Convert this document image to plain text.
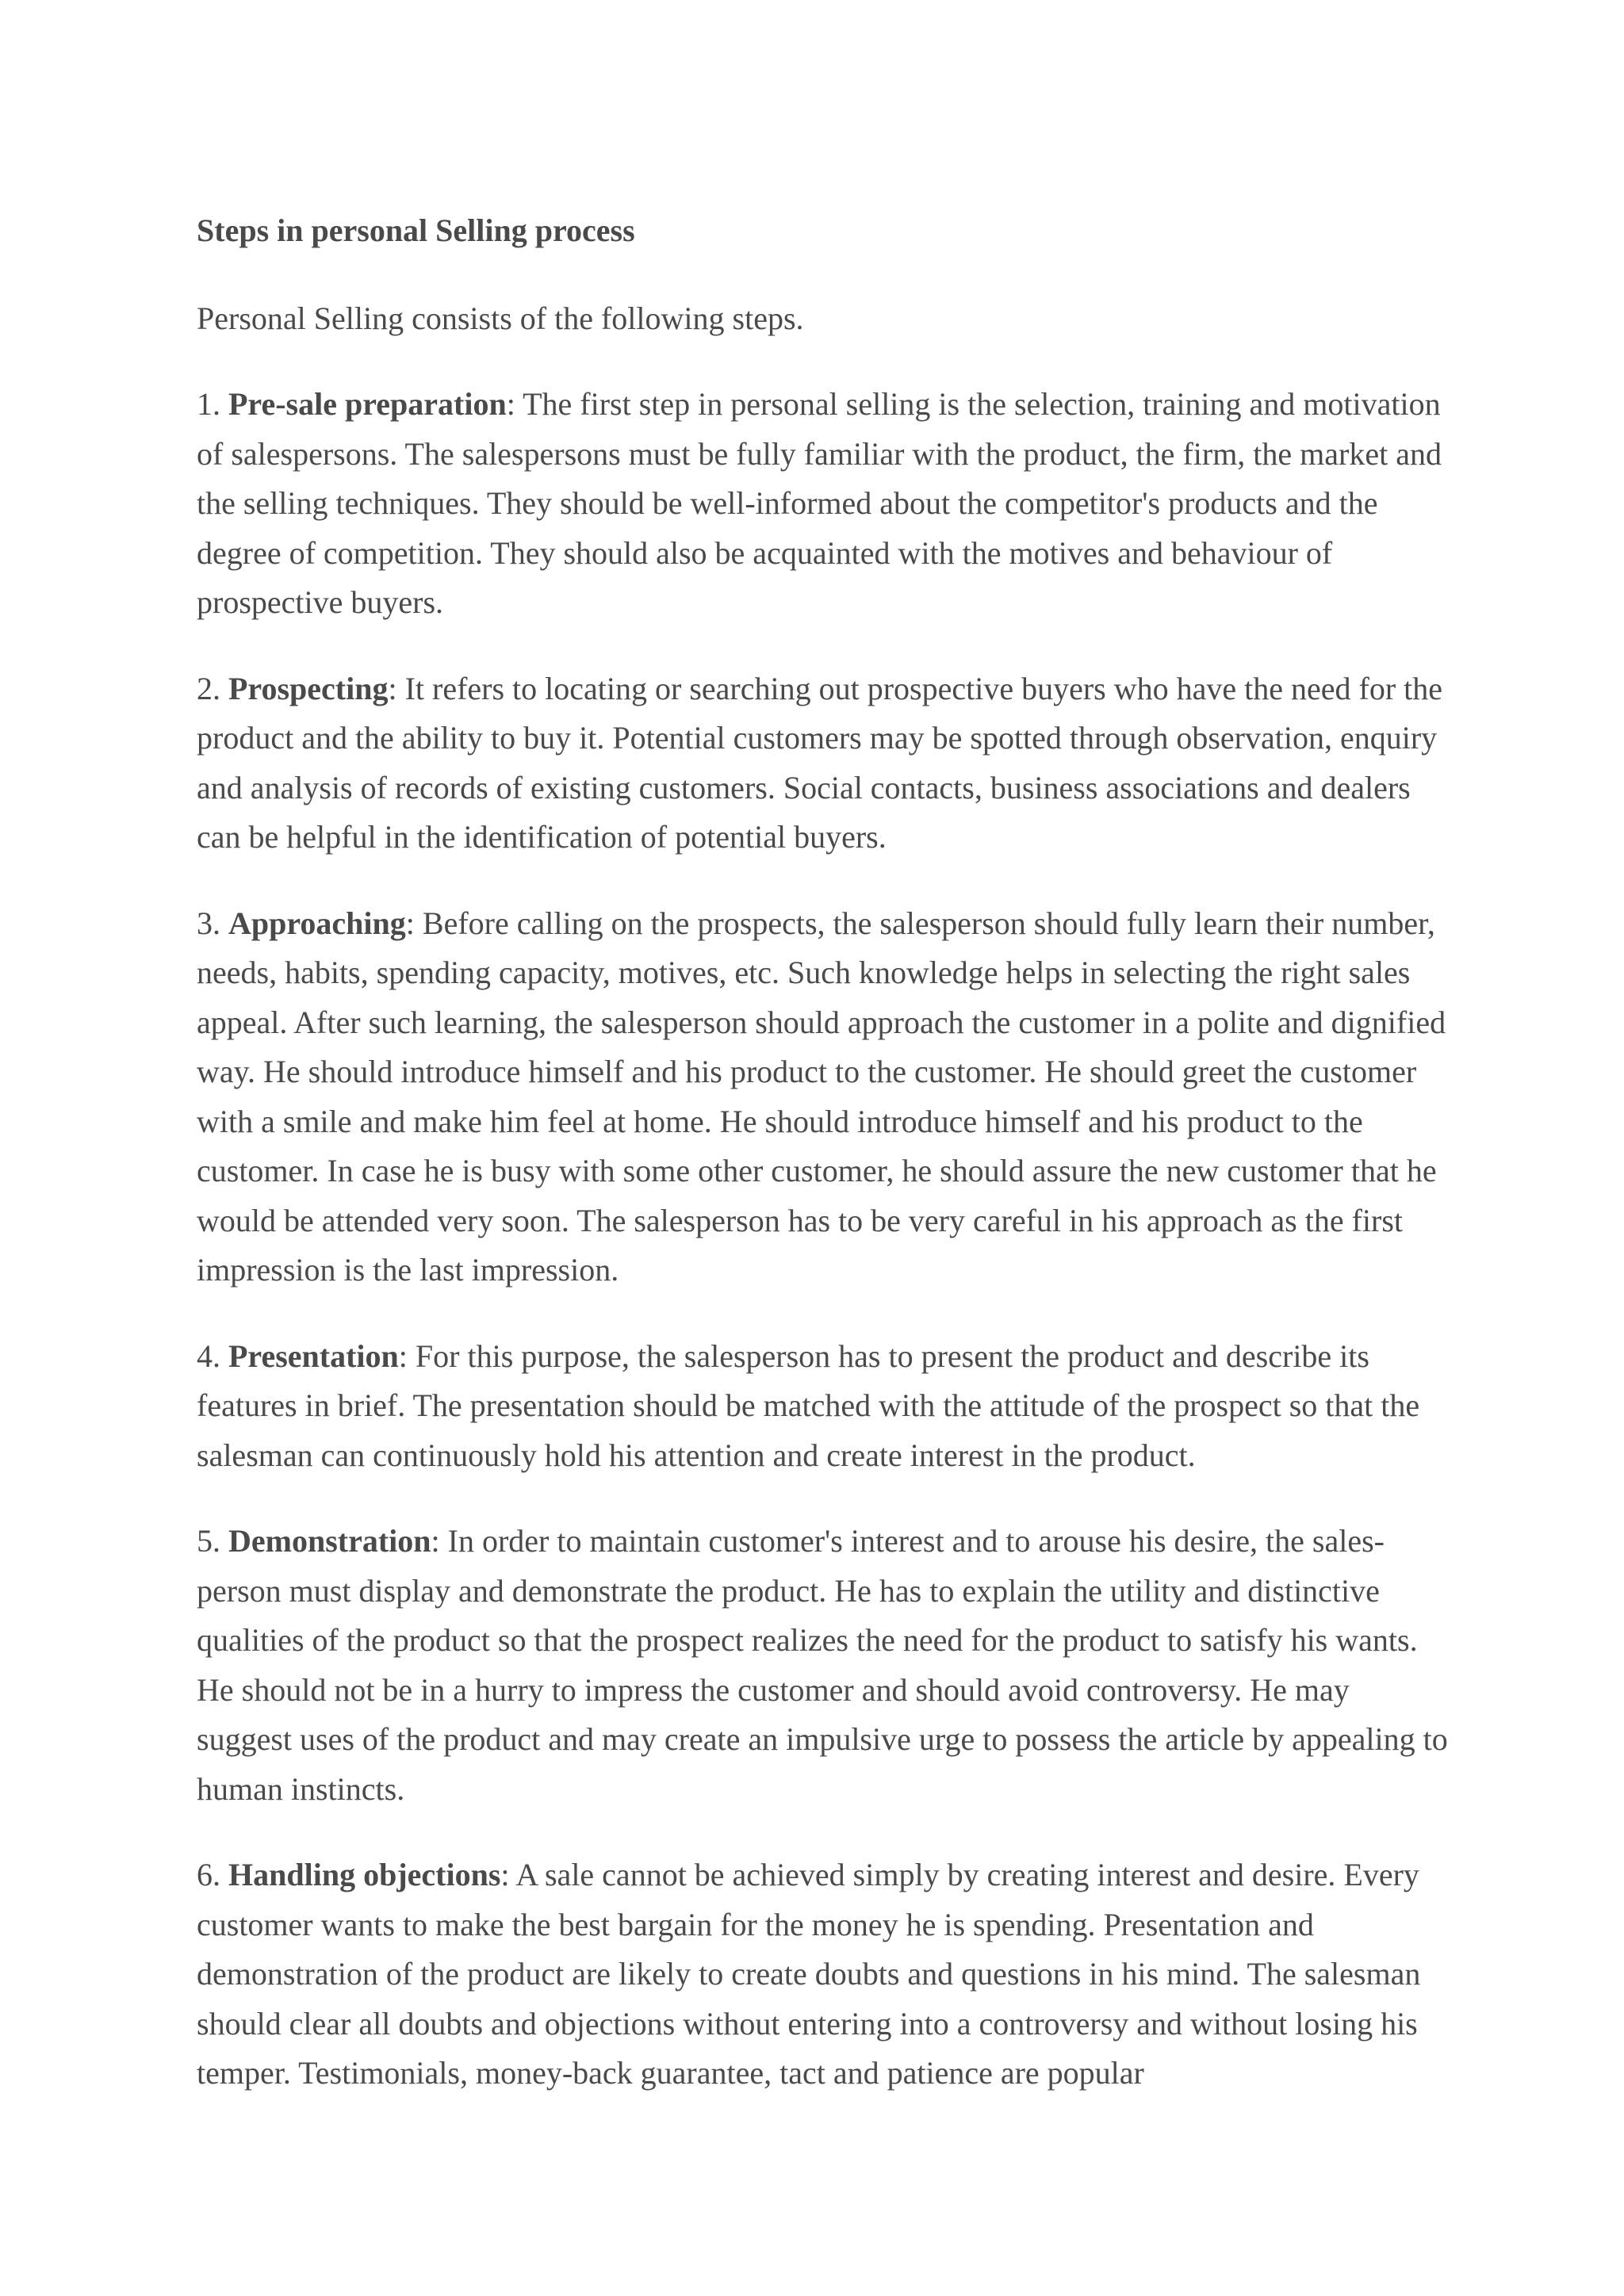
Steps in personal Selling process

Personal Selling consists of the following steps.

1. Pre-sale preparation: The first step in personal selling is the selection, training and motivation of salespersons. The salespersons must be fully familiar with the product, the firm, the market and the selling techniques. They should be well-informed about the competitor's products and the degree of competition. They should also be acquainted with the motives and behaviour of prospective buyers.

2. Prospecting: It refers to locating or searching out prospective buyers who have the need for the product and the ability to buy it. Potential customers may be spotted through observation, enquiry and analysis of records of existing customers. Social contacts, business associations and dealers can be helpful in the identification of potential buyers.

3. Approaching: Before calling on the prospects, the salesperson should fully learn their number, needs, habits, spending capacity, motives, etc. Such knowledge helps in selecting the right sales appeal. After such learning, the salesperson should approach the customer in a polite and dignified way. He should introduce himself and his product to the customer. He should greet the customer with a smile and make him feel at home. He should introduce himself and his product to the customer. In case he is busy with some other customer, he should assure the new customer that he would be attended very soon. The salesperson has to be very careful in his approach as the first impression is the last impression.

4. Presentation: For this purpose, the salesperson has to present the product and describe its features in brief. The presentation should be matched with the attitude of the prospect so that the salesman can continuously hold his attention and create interest in the product.

5. Demonstration: In order to maintain customer's interest and to arouse his desire, the sales-person must display and demonstrate the product. He has to explain the utility and distinctive qualities of the product so that the prospect realizes the need for the product to satisfy his wants. He should not be in a hurry to impress the customer and should avoid controversy. He may suggest uses of the product and may create an impulsive urge to possess the article by appealing to human instincts.

6. Handling objections: A sale cannot be achieved simply by creating interest and desire. Every customer wants to make the best bargain for the money he is spending. Presentation and demonstration of the product are likely to create doubts and questions in his mind. The salesman should clear all doubts and objections without entering into a controversy and without losing his temper. Testimonials, money-back guarantee, tact and patience are popular
